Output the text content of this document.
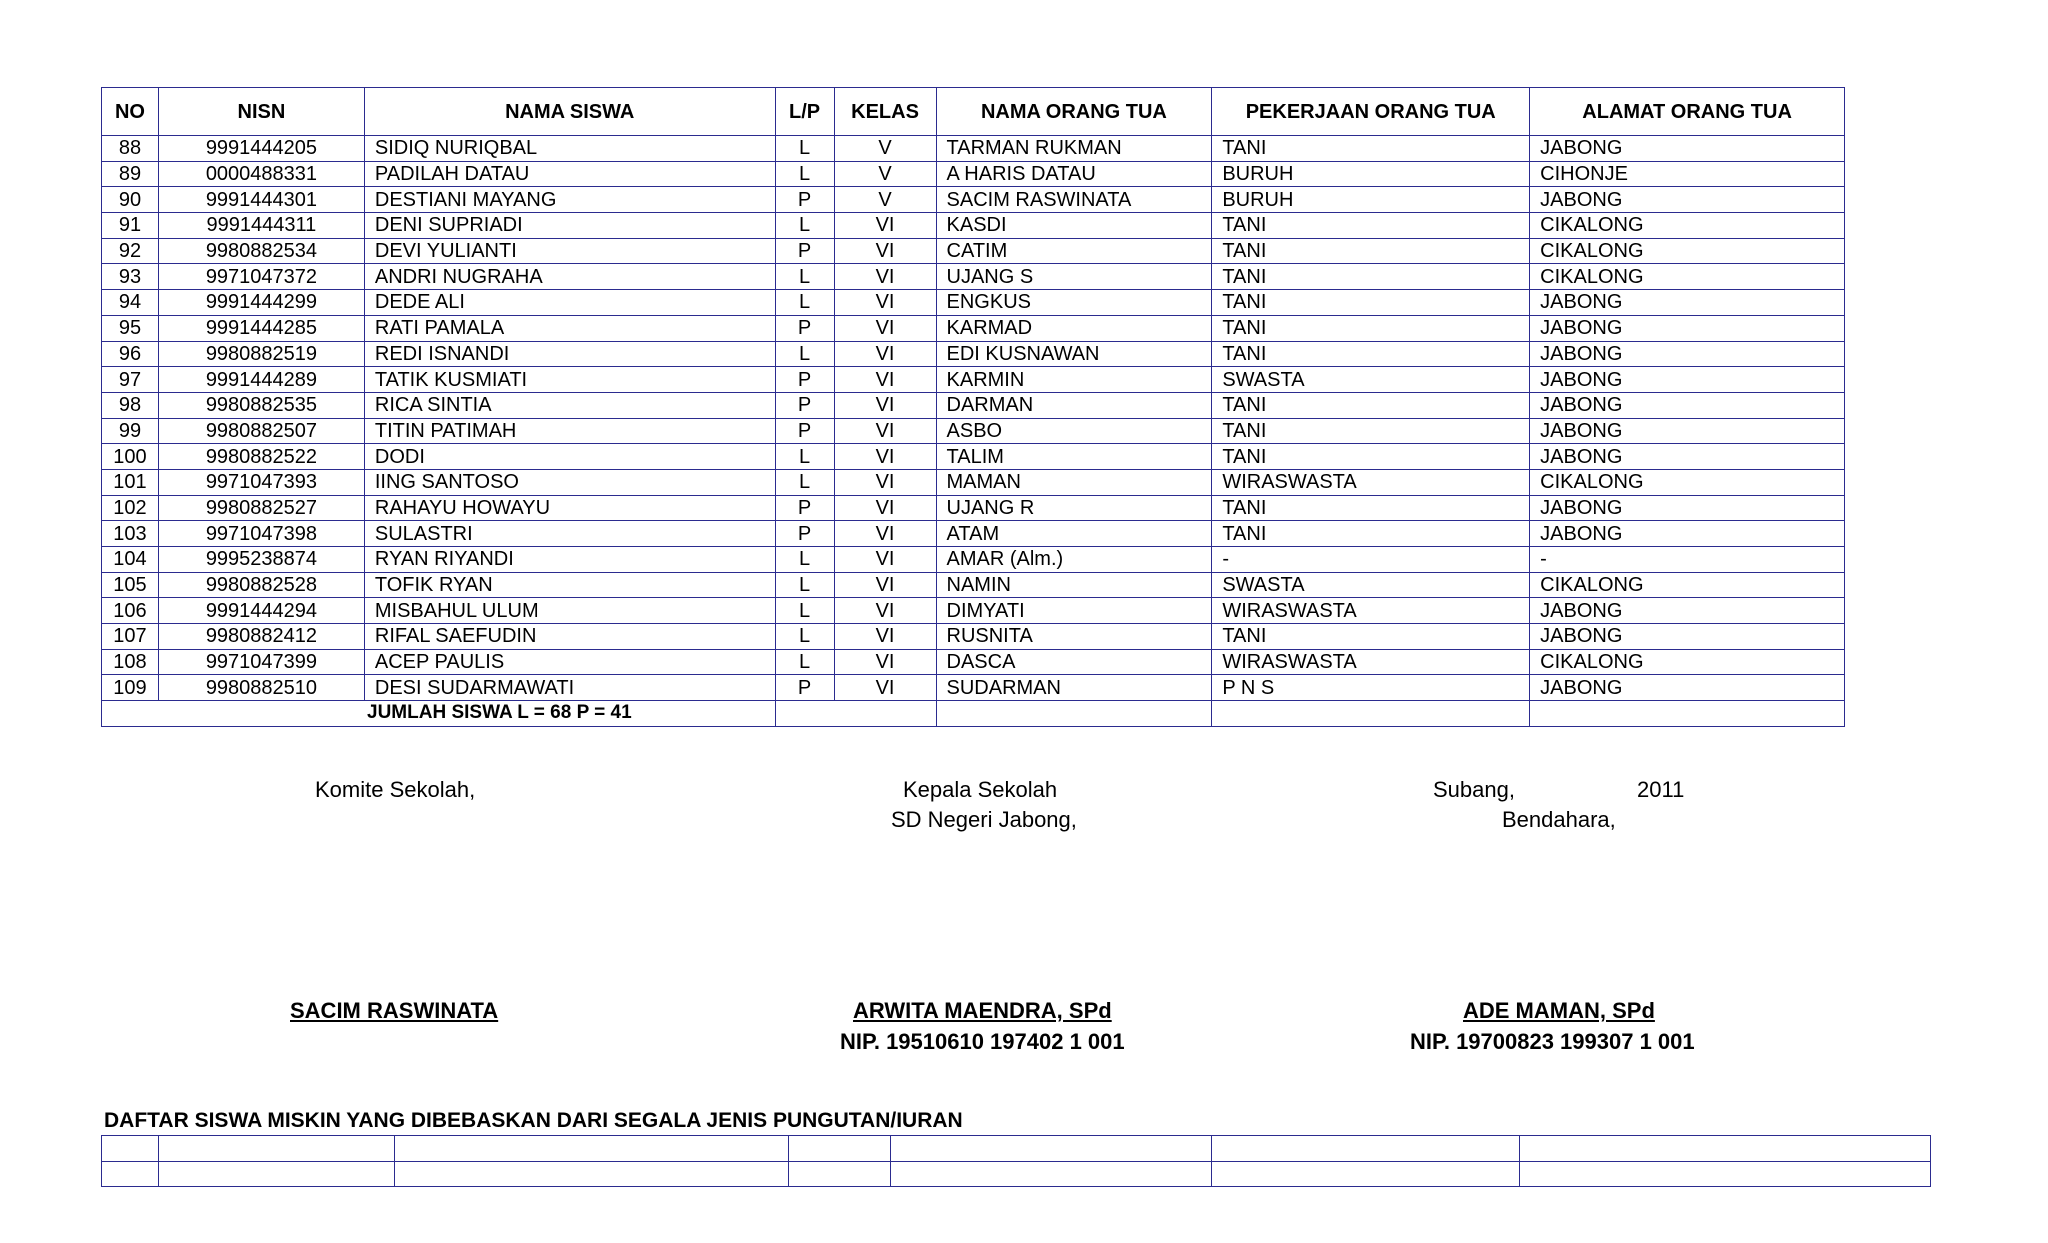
NO	NISN	NAMA SISWA	L/P	KELAS	NAMA ORANG TUA	PEKERJAAN ORANG TUA	ALAMAT ORANG TUA
88	9991444205	SIDIQ NURIQBAL	L	V	TARMAN RUKMAN	TANI	JABONG
89	0000488331	PADILAH DATAU	L	V	A HARIS DATAU	BURUH	CIHONJE
90	9991444301	DESTIANI MAYANG	P	V	SACIM RASWINATA	BURUH	JABONG
91	9991444311	DENI SUPRIADI	L	VI	KASDI	TANI	CIKALONG
92	9980882534	DEVI YULIANTI	P	VI	CATIM	TANI	CIKALONG
93	9971047372	ANDRI NUGRAHA	L	VI	UJANG S	TANI	CIKALONG
94	9991444299	DEDE ALI	L	VI	ENGKUS	TANI	JABONG
95	9991444285	RATI PAMALA	P	VI	KARMAD	TANI	JABONG
96	9980882519	REDI ISNANDI	L	VI	EDI KUSNAWAN	TANI	JABONG
97	9991444289	TATIK KUSMIATI	P	VI	KARMIN	SWASTA	JABONG
98	9980882535	RICA SINTIA	P	VI	DARMAN	TANI	JABONG
99	9980882507	TITIN PATIMAH	P	VI	ASBO	TANI	JABONG
100	9980882522	DODI	L	VI	TALIM	TANI	JABONG
101	9971047393	IING SANTOSO	L	VI	MAMAN	WIRASWASTA	CIKALONG
102	9980882527	RAHAYU HOWAYU	P	VI	UJANG R	TANI	JABONG
103	9971047398	SULASTRI	P	VI	ATAM	TANI	JABONG
104	9995238874	RYAN RIYANDI	L	VI	AMAR (Alm.)	-	-
105	9980882528	TOFIK RYAN	L	VI	NAMIN	SWASTA	CIKALONG
106	9991444294	MISBAHUL ULUM	L	VI	DIMYATI	WIRASWASTA	JABONG
107	9980882412	RIFAL SAEFUDIN	L	VI	RUSNITA	TANI	JABONG
108	9971047399	ACEP PAULIS	L	VI	DASCA	WIRASWASTA	CIKALONG
109	9980882510	DESI SUDARMAWATI	P	VI	SUDARMAN	P N S	JABONG
JUMLAH SISWA L = 68 P = 41							
Komite Sekolah,	Kepala Sekolah
SD Negeri Jabong,
Subang,	2011
Bendahara,
SACIM RASWINATA	ARWITA MAENDRA, SPd
NIP. 19510610 197402 1 001
ADE MAMAN, SPd
NIP. 19700823 199307 1 001
DAFTAR SISWA MISKIN YANG DIBEBASKAN DARI SEGALA JENIS PUNGUTAN/IURAN
